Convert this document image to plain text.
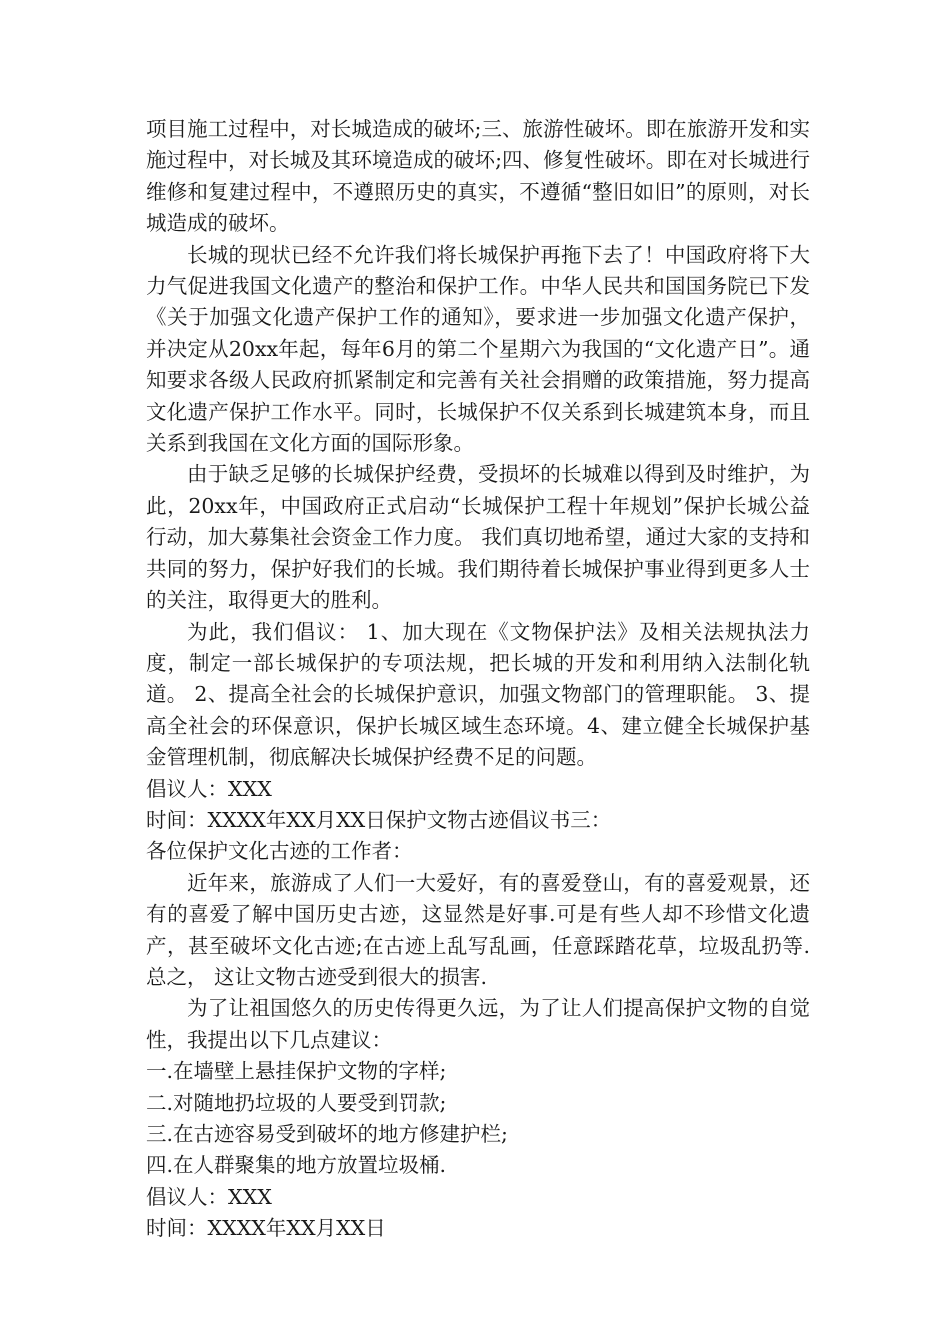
项目施工过程中，对长城造成的破坏;三、旅游性破坏。即在旅游开发和实施过程中，对长城及其环境造成的破坏;四、修复性破坏。即在对长城进行维修和复建过程中，不遵照历史的真实，不遵循“整旧如旧”的原则，对长城造成的破坏。

长城的现状已经不允许我们将长城保护再拖下去了！中国政府将下大力气促进我国文化遗产的整治和保护工作。中华人民共和国国务院已下发《关于加强文化遗产保护工作的通知》，要求进一步加强文化遗产保护，并决定从20xx年起，每年6月的第二个星期六为我国的“文化遗产日”。通知要求各级人民政府抓紧制定和完善有关社会捐赠的政策措施，努力提高文化遗产保护工作水平。同时，长城保护不仅关系到长城建筑本身，而且关系到我国在文化方面的国际形象。

由于缺乏足够的长城保护经费，受损坏的长城难以得到及时维护，为此，20xx年，中国政府正式启动“长城保护工程十年规划”保护长城公益行动，加大募集社会资金工作力度。 我们真切地希望，通过大家的支持和共同的努力，保护好我们的长城。我们期待着长城保护事业得到更多人士的关注，取得更大的胜利。

为此，我们倡议： 1、加大现在《文物保护法》及相关法规执法力度，制定一部长城保护的专项法规，把长城的开发和利用纳入法制化轨道。 2、提高全社会的长城保护意识，加强文物部门的管理职能。 3、提高全社会的环保意识，保护长城区域生态环境。4、建立健全长城保护基金管理机制，彻底解决长城保护经费不足的问题。

倡议人：XXX

时间：XXXX年XX月XX日保护文物古迹倡议书三：

各位保护文化古迹的工作者：

近年来，旅游成了人们一大爱好，有的喜爱登山，有的喜爱观景，还有的喜爱了解中国历史古迹，这显然是好事.可是有些人却不珍惜文化遗产，甚至破坏文化古迹;在古迹上乱写乱画，任意踩踏花草，垃圾乱扔等.总之， 这让文物古迹受到很大的损害.

为了让祖国悠久的历史传得更久远，为了让人们提高保护文物的自觉性，我提出以下几点建议：

一.在墙壁上悬挂保护文物的字样;

二.对随地扔垃圾的人要受到罚款;

三.在古迹容易受到破坏的地方修建护栏;

四.在人群聚集的地方放置垃圾桶.

倡议人：XXX

时间：XXXX年XX月XX日
